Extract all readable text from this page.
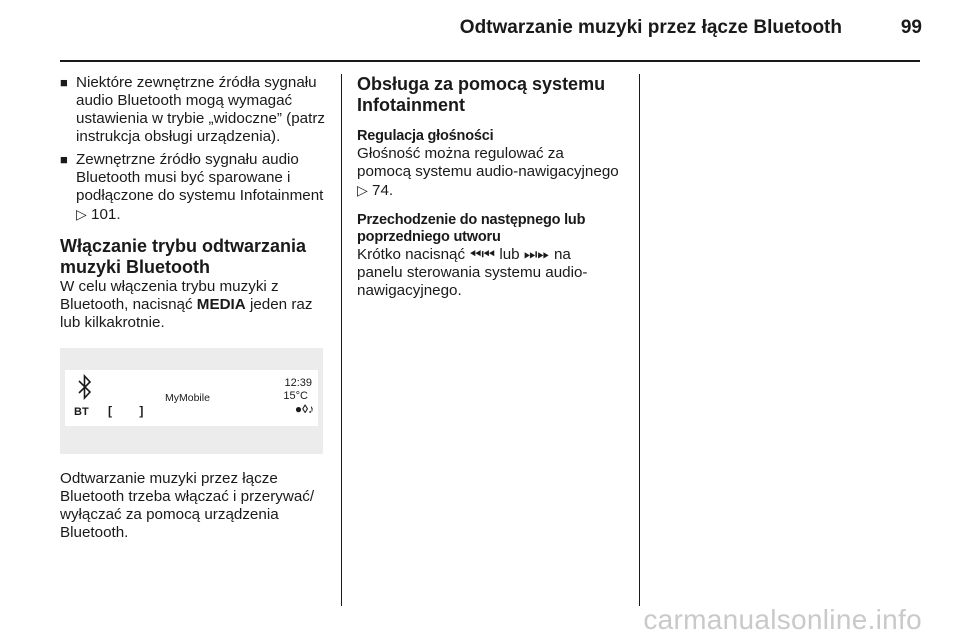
Odtwarzanie muzyki przez łącze Bluetooth	99
■ Niektóre zewnętrzne źródła sygnału audio Bluetooth mogą wymagać ustawienia w trybie „widoczne” (patrz instrukcja obsługi urządzenia).
■ Zewnętrzne źródło sygnału audio Bluetooth musi być sparowane i podłączone do systemu Infotainment ▷ 101.
Włączanie trybu odtwarzania muzyki Bluetooth

W celu włączenia trybu muzyki z Bluetooth, nacisnąć MEDIA jeden raz lub kilkakrotnie.

BT [ ]
MyMobile
12:39
15°C
●◊♪

Odtwarzanie muzyki przez łącze Bluetooth trzeba włączać i przerywać/ wyłączać za pomocą urządzenia Bluetooth.

Obsługa za pomocą systemu Infotainment
Regulacja głośności

Głośność można regulować za pomocą systemu audio-nawigacyjnego ▷ 74.

Przechodzenie do następnego lub poprzedniego utworu

Krótko nacisnąć ⏪︎⏮︎ lub ⏭︎⏩︎ na panelu sterowania systemu audio-nawigacyjnego.

carmanualsonline.info
